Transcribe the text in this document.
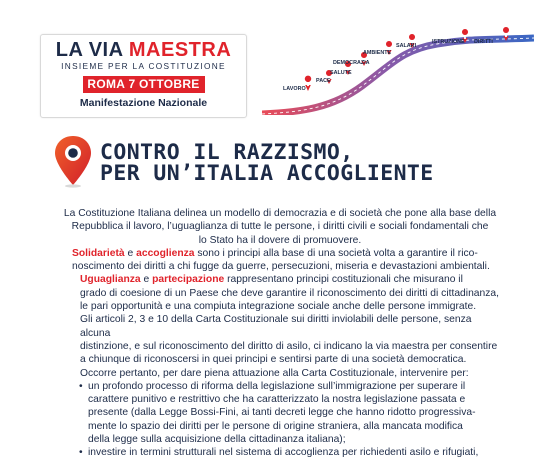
LA VIA MAESTRA
INSIEME PER LA COSTITUZIONE
ROMA 7 OTTOBRE
Manifestazione Nazionale
LAVORO
PACE
SALUTE
DEMOCRAZIA
AMBIENTE
SALARI
ISTRUZIONE DIRITTI
CONTRO IL RAZZISMO,
PER UN’ITALIA ACCOGLIENTE
La Costituzione Italiana delinea un modello di democrazia e di società che pone alla base della
Repubblica il lavoro, l’uguaglianza di tutte le persone, i diritti civili e sociali fondamentali che
lo Stato ha il dovere di promuovere.
Solidarietà e accoglienza sono i principi alla base di una società volta a garantire il rico-
noscimento dei diritti a chi fugge da guerre, persecuzioni, miseria e devastazioni ambientali.
Uguaglianza e partecipazione rappresentano principi costituzionali che misurano il
grado di coesione di un Paese che deve garantire il riconoscimento dei diritti di cittadinanza,
le pari opportunità e una compiuta integrazione sociale anche delle persone immigrate.
Gli articoli 2, 3 e 10 della Carta Costituzionale sui diritti inviolabili delle persone, senza alcuna
distinzione, e sul riconoscimento del diritto di asilo, ci indicano la via maestra per consentire
a chiunque di riconoscersi in quei principi e sentirsi parte di una società democratica.
Occorre pertanto, per dare piena attuazione alla Carta Costituzionale, intervenire per:
• un profondo processo di riforma della legislazione sull’immigrazione per superare il
carattere punitivo e restrittivo che ha caratterizzato la nostra legislazione passata e
presente (dalla Legge Bossi-Fini, ai tanti decreti legge che hanno ridotto progressiva-
mente lo spazio dei diritti per le persone di origine straniera, alla mancata modifica
della legge sulla acquisizione della cittadinanza italiana);
• investire in termini strutturali nel sistema di accoglienza per richiedenti asilo e rifugiati,
